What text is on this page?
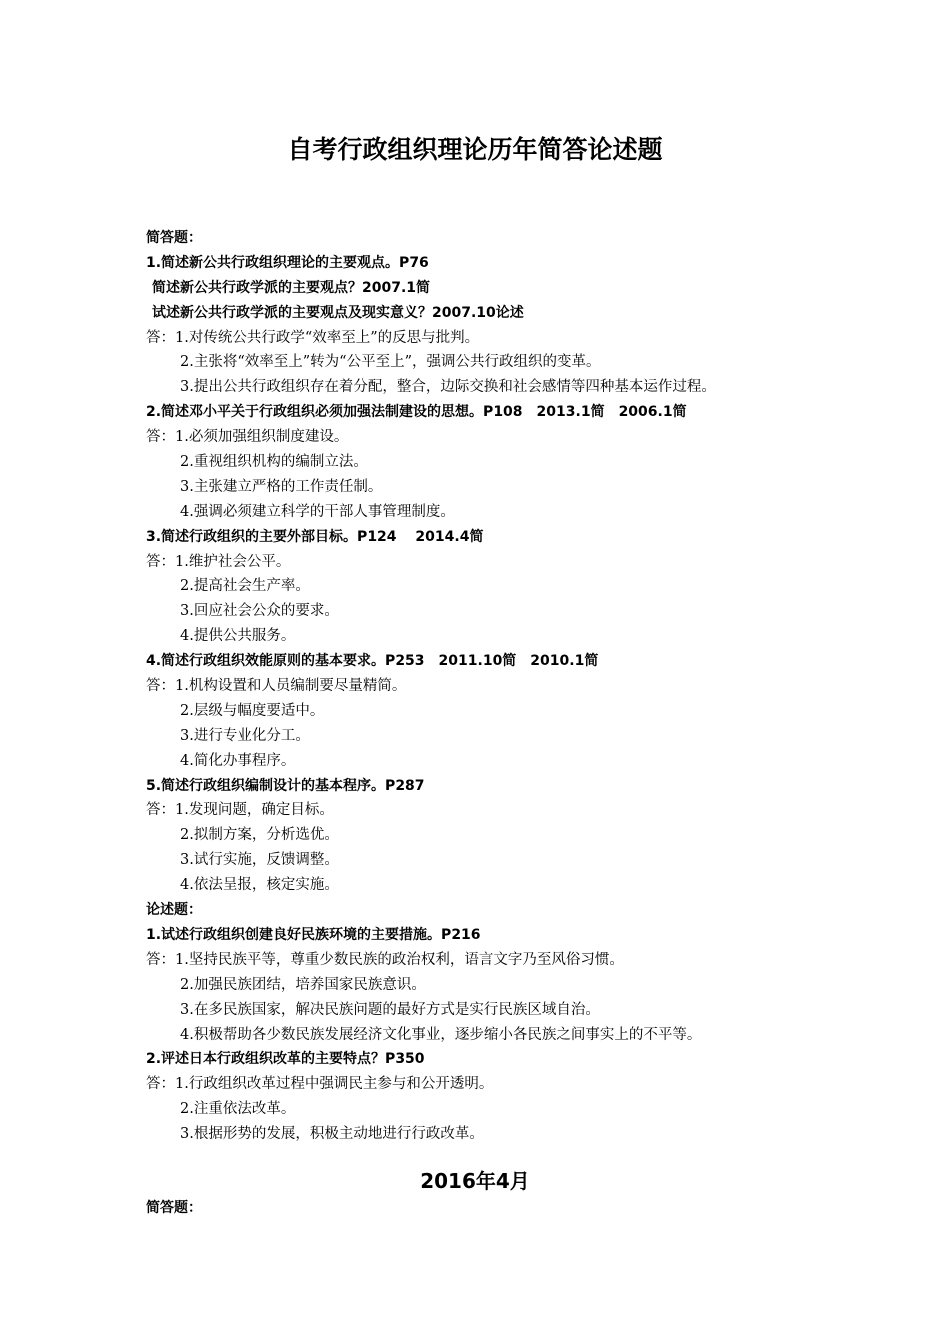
自考行政组织理论历年简答论述题
简答题：
1.简述新公共行政组织理论的主要观点。P76
简述新公共行政学派的主要观点？2007.1简
试述新公共行政学派的主要观点及现实意义？2007.10论述
答：1.对传统公共行政学“效率至上”的反思与批判。
2.主张将“效率至上”转为“公平至上”，强调公共行政组织的变革。
3.提出公共行政组织存在着分配，整合，边际交换和社会感情等四种基本运作过程。
2.简述邓小平关于行政组织必须加强法制建设的思想。P108　2013.1简　2006.1简
答：1.必须加强组织制度建设。
2.重视组织机构的编制立法。
3.主张建立严格的工作责任制。
4.强调必须建立科学的干部人事管理制度。
3.简述行政组织的主要外部目标。P124　 2014.4简
答：1.维护社会公平。
2.提高社会生产率。
3.回应社会公众的要求。
4.提供公共服务。
4.简述行政组织效能原则的基本要求。P253　2011.10简　2010.1简
答：1.机构设置和人员编制要尽量精简。
2.层级与幅度要适中。
3.进行专业化分工。
4.简化办事程序。
5.简述行政组织编制设计的基本程序。P287
答：1.发现问题，确定目标。
2.拟制方案，分析选优。
3.试行实施，反馈调整。
4.依法呈报，核定实施。
论述题：
1.试述行政组织创建良好民族环境的主要措施。P216
答：1.坚持民族平等，尊重少数民族的政治权利，语言文字乃至风俗习惯。
2.加强民族团结，培养国家民族意识。
3.在多民族国家，解决民族问题的最好方式是实行民族区域自治。
4.积极帮助各少数民族发展经济文化事业，逐步缩小各民族之间事实上的不平等。
2.评述日本行政组织改革的主要特点？P350
答：1.行政组织改革过程中强调民主参与和公开透明。
2.注重依法改革。
3.根据形势的发展，积极主动地进行行政改革。
2016年4月
简答题：
